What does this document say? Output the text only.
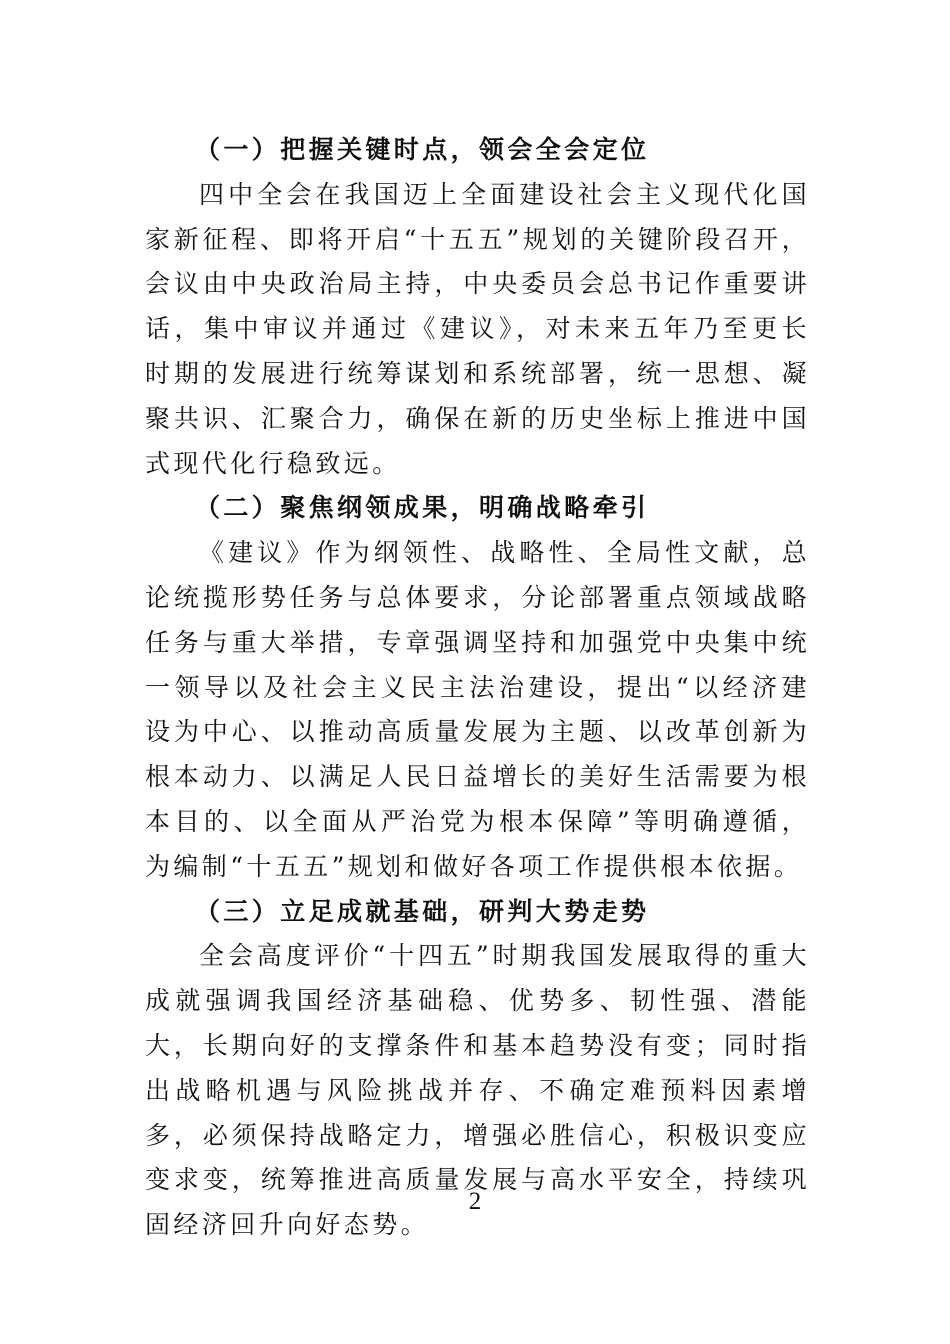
（一）把握关键时点，领会全会定位

四中全会在我国迈上全面建设社会主义现代化国家新征程、即将开启“十五五”规划的关键阶段召开，会议由中央政治局主持，中央委员会总书记作重要讲话，集中审议并通过《建议》，对未来五年乃至更长时期的发展进行统筹谋划和系统部署，统一思想、凝聚共识、汇聚合力，确保在新的历史坐标上推进中国式现代化行稳致远。

（二）聚焦纲领成果，明确战略牵引

《建议》作为纲领性、战略性、全局性文献，总论统揽形势任务与总体要求，分论部署重点领域战略任务与重大举措，专章强调坚持和加强党中央集中统一领导以及社会主义民主法治建设，提出“以经济建设为中心、以推动高质量发展为主题、以改革创新为根本动力、以满足人民日益增长的美好生活需要为根本目的、以全面从严治党为根本保障”等明确遵循，为编制“十五五”规划和做好各项工作提供根本依据。

（三）立足成就基础，研判大势走势

全会高度评价“十四五”时期我国发展取得的重大成就强调我国经济基础稳、优势多、韧性强、潜能大，长期向好的支撑条件和基本趋势没有变；同时指出战略机遇与风险挑战并存、不确定难预料因素增多，必须保持战略定力，增强必胜信心，积极识变应变求变，统筹推进高质量发展与高水平安全，持续巩固经济回升向好态势。

2
